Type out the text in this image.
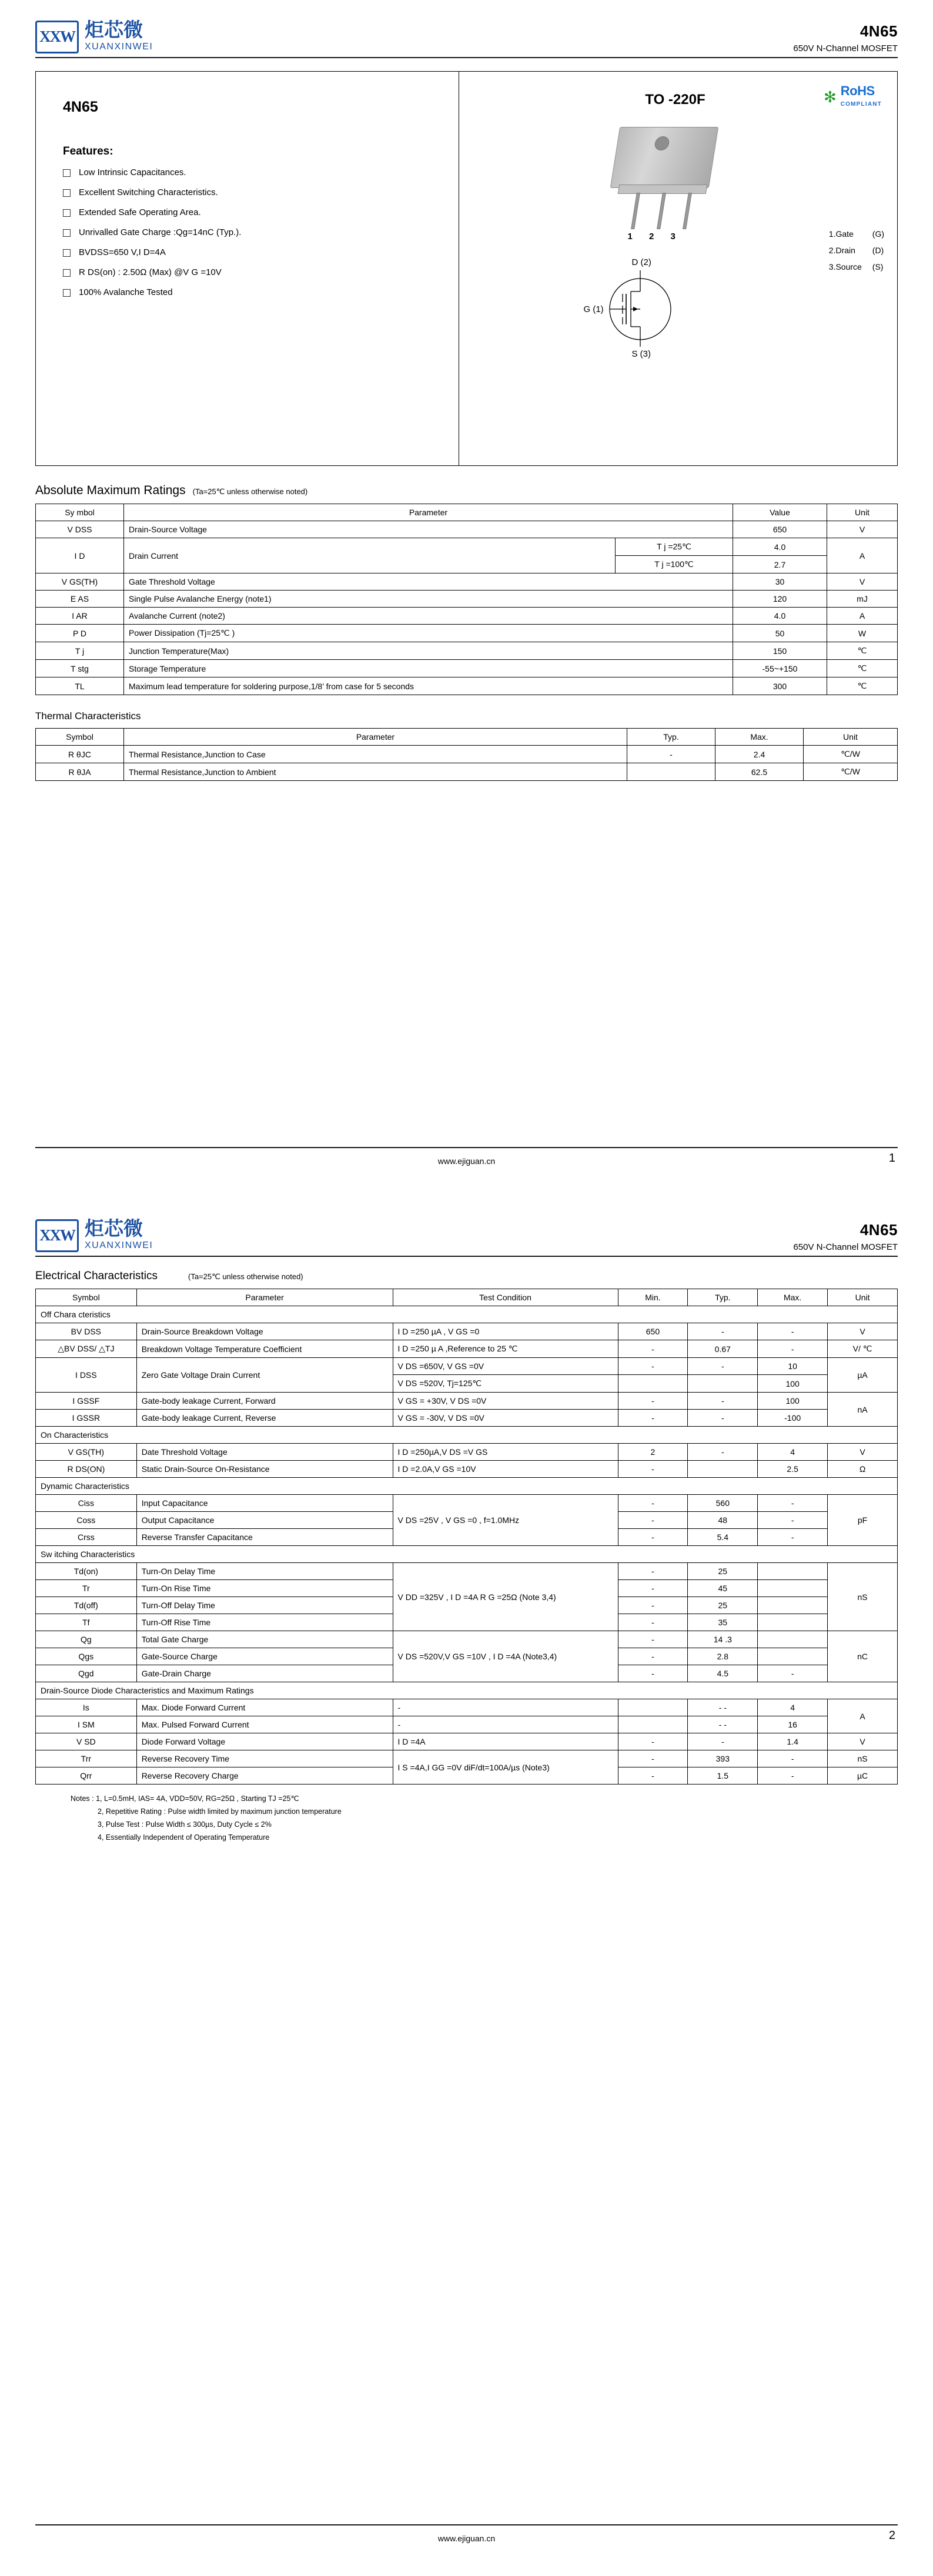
XXW 炬芯微
XUANXINWEI
4N65
650V N-Channel MOSFET
4N65
Features:
Low Intrinsic Capacitances.
Excellent Switching Characteristics.
Extended Safe Operating Area.
Unrivalled Gate Charge :Qg=14nC (Typ.).
BVDSS=650 V,I D=4A
R DS(on) : 2.50Ω (Max) @V G =10V
100% Avalanche Tested
TO -220F	✻ RoHS
COMPLIANT
1 2 3
D (2)
G (1)
S (3)
1.Gate (G)
2.Drain (D)
3.Source (S)
Absolute Maximum Ratings (Ta=25℃ unless otherwise noted)
Sy mbol	Parameter		Value	Unit
V DSS	Drain-Source Voltage		650	V
I D	Drain Current	T j =25℃	4.0	A
		T j =100℃	2.7	
V GS(TH)	Gate Threshold Voltage		30	V
E AS	Single Pulse Avalanche Energy (note1)		120	mJ
I AR	Avalanche Current (note2)		4.0	A
P D	Power Dissipation (Tj=25℃ )		50	W
T j	Junction Temperature(Max)		150	℃
T stg	Storage Temperature		-55~+150	℃
TL	Maximum lead temperature for soldering purpose,1/8’ from case for 5 seconds		300	℃
Thermal Characteristics
Symbol	Parameter	Typ.	Max.	Unit
R θJC	Thermal Resistance,Junction to Case	-	2.4	℃/W
R θJA	Thermal Resistance,Junction to Ambient		62.5	℃/W
www.ejiguan.cn	1
XXW 炬芯微
XUANXINWEI
4N65
650V N-Channel MOSFET
Electrical Characteristics	(Ta=25℃ unless otherwise noted)
Symbol	Parameter	Test Condition	Min.	Typ.	Max.	Unit
Off Chara cteristics						
BV DSS	Drain-Source Breakdown Voltage	I D =250 µA , V GS =0	650	-	-	V
△BV DSS/ △TJ	Breakdown Voltage Temperature Coefficient	I D =250 µ A ,Reference to 25 ℃	-	0.67	-	V/ ℃
I DSS	Zero Gate Voltage Drain Current	V DS =650V, V GS =0V	-	-	10	µA
		V DS =520V, Tj=125℃			100	
I GSSF	Gate-body leakage Current, Forward	V GS = +30V, V DS =0V	-	-	100	nA
I GSSR	Gate-body leakage Current, Reverse	V GS = -30V, V DS =0V	-	-	-100	
On Characteristics						
V GS(TH)	Date Threshold Voltage	I D =250µA,V DS =V GS	2	-	4	V
R DS(ON)	Static Drain-Source On-Resistance	I D =2.0A,V GS =10V	-		2.5	Ω
Dynamic Characteristics						
Ciss	Input Capacitance	V DS =25V , V GS =0 , f=1.0MHz	-	560	-	pF
Coss	Output Capacitance		-	48	-	
Crss	Reverse Transfer Capacitance		-	5.4	-	
Sw itching Characteristics						
Td(on)	Turn-On Delay Time	V DD =325V , I D =4A R G =25Ω (Note 3,4)	-	25		nS
Tr	Turn-On Rise Time		-	45		
Td(off)	Turn-Off Delay Time		-	25		
Tf	Turn-Off Rise Time		-	35		
Qg	Total Gate Charge	V DS =520V,V GS =10V , I D =4A (Note3,4)	-	14 .3		nC
Qgs	Gate-Source Charge		-	2.8		
Qgd	Gate-Drain Charge		-	4.5	-	
Drain-Source Diode Characteristics and Maximum Ratings						
Is	Max. Diode Forward Current	-		- -	4	A
I SM	Max. Pulsed Forward Current	-		- -	16	
V SD	Diode Forward Voltage	I D =4A	-	-	1.4	V
Trr	Reverse Recovery Time	I S =4A,I GG =0V diF/dt=100A/µs (Note3)	-	393	-	nS
Qrr	Reverse Recovery Charge		-	1.5	-	µC
Notes : 1, L=0.5mH, IAS= 4A, VDD=50V, RG=25Ω , Starting TJ =25℃
2, Repetitive Rating : Pulse width limited by maximum junction temperature
3, Pulse Test : Pulse Width ≤ 300µs, Duty Cycle ≤ 2%
4, Essentially Independent of Operating Temperature
www.ejiguan.cn	2
